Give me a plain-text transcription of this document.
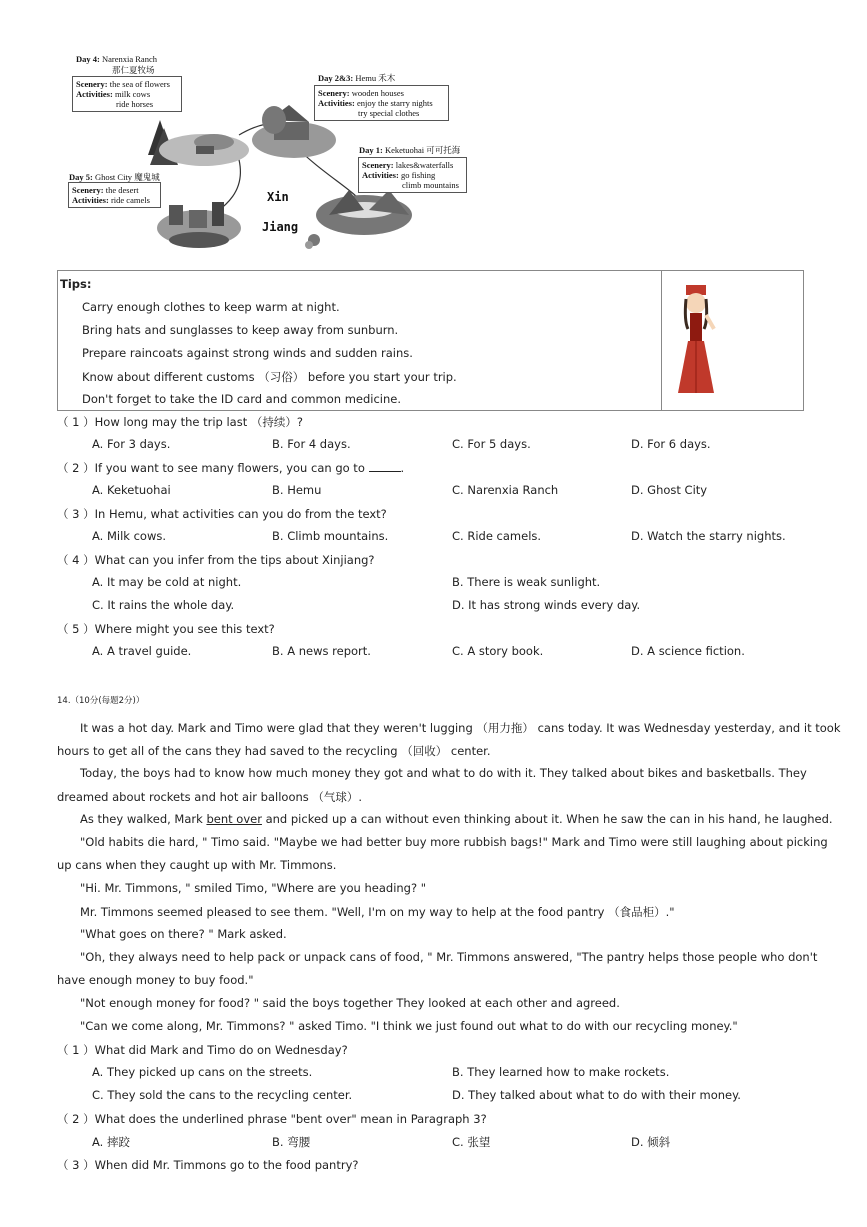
Day 4: Narenxia Ranch
那仁夏牧场
Scenery: the sea of flowers
Activities: milk cows
ride horses
Day 2&3: Hemu 禾木
Scenery: wooden houses
Activities: enjoy the starry nights
try special clothes
Day 1: Keketuohai 可可托海
Scenery: lakes&waterfalls
Activities: go fishing
climb mountains
Day 5: Ghost City 魔鬼城
Scenery: the desert
Activities: ride camels	Xin
Jiang
Tips:
Carry enough clothes to keep warm at night.
Bring hats and sunglasses to keep away from sunburn.
Prepare raincoats against strong winds and sudden rains.
Know about different customs （习俗） before you start your trip.
Don't forget to take the ID card and common medicine.
（ 1 ）How long may the trip last （持续）?
A. For 3 days.	B. For 4 days.	C. For 5 days.	D. For 6 days.
（ 2 ）If you want to see many flowers, you can go to	.
A. Keketuohai	B. Hemu	C. Narenxia Ranch	D. Ghost City
（ 3 ）In Hemu, what activities can you do from the text?
A. Milk cows.	B. Climb mountains.	C. Ride camels.	D. Watch the starry nights.
（ 4 ）What can you infer from the tips about Xinjiang?
A. It may be cold at night.	B. There is weak sunlight.
C. It rains the whole day.	D. It has strong winds every day.
（ 5 ）Where might you see this text?
A. A travel guide.	B. A news report.	C. A story book.	D. A science fiction.
14.（10分(每题2分)）
It was a hot day. Mark and Timo were glad that they weren't lugging （用力拖） cans today. It was Wednesday yesterday, and it took
hours to get all of the cans they had saved to the recycling （回收） center.
Today, the boys had to know how much money they got and what to do with it. They talked about bikes and basketballs. They
dreamed about rockets and hot air balloons （气球）.
As they walked, Mark bent over and picked up a can without even thinking about it. When he saw the can in his hand, he laughed.
"Old habits die hard, " Timo said. "Maybe we had better buy more rubbish bags!" Mark and Timo were still laughing about picking
up cans when they caught up with Mr. Timmons.
"Hi. Mr. Timmons, " smiled Timo, "Where are you heading? "
Mr. Timmons seemed pleased to see them. "Well, I'm on my way to help at the food pantry （食品柜）."
"What goes on there? " Mark asked.
"Oh, they always need to help pack or unpack cans of food, " Mr. Timmons answered, "The pantry helps those people who don't
have enough money to buy food."
"Not enough money for food? " said the boys together They looked at each other and agreed.
"Can we come along, Mr. Timmons? " asked Timo. "I think we just found out what to do with our recycling money."
（ 1 ）What did Mark and Timo do on Wednesday?
A. They picked up cans on the streets.	B. They learned how to make rockets.
C. They sold the cans to the recycling center.	D. They talked about what to do with their money.
（ 2 ）What does the underlined phrase "bent over" mean in Paragraph 3?
A. 摔跤	B. 弯腰	C. 张望	D. 倾斜
（ 3 ）When did Mr. Timmons go to the food pantry?
